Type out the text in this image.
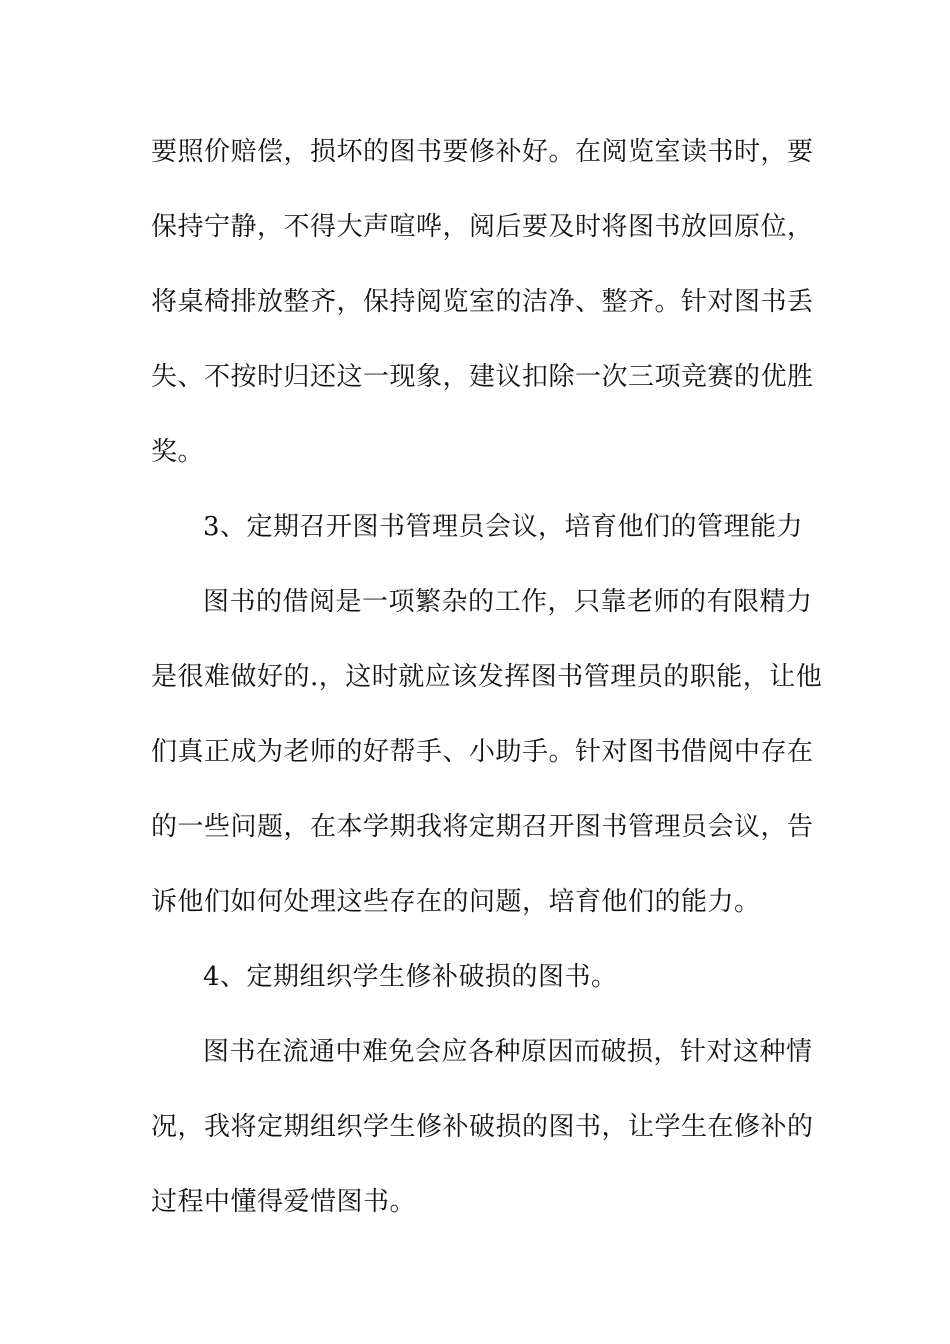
要照价赔偿，损坏的图书要修补好。在阅览室读书时，要
保持宁静，不得大声喧哗，阅后要及时将图书放回原位，
将桌椅排放整齐，保持阅览室的洁净、整齐。针对图书丢
失、不按时归还这一现象，建议扣除一次三项竞赛的优胜
奖。
3、定期召开图书管理员会议，培育他们的管理能力
图书的借阅是一项繁杂的工作，只靠老师的有限精力
是很难做好的.，这时就应该发挥图书管理员的职能，让他
们真正成为老师的好帮手、小助手。针对图书借阅中存在
的一些问题，在本学期我将定期召开图书管理员会议，告
诉他们如何处理这些存在的问题，培育他们的能力。
4、定期组织学生修补破损的图书。
图书在流通中难免会应各种原因而破损，针对这种情
况，我将定期组织学生修补破损的图书，让学生在修补的
过程中懂得爱惜图书。
